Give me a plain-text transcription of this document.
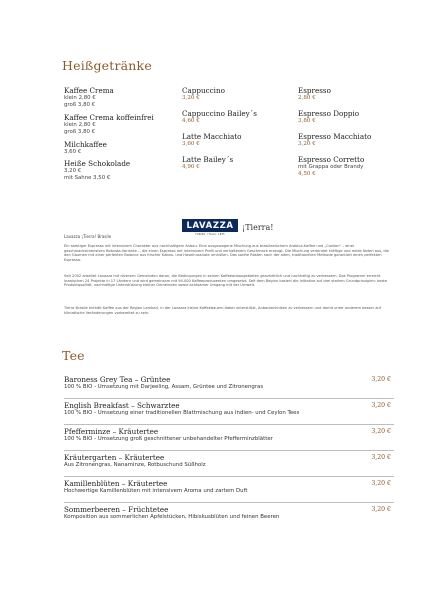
Heißgetränke
Kaffee Crema
klein 2,80 €
groß 3,80 €
Kaffee Crema koffeinfrei
klein 2,80 €
groß 3,80 €
Milchkaffee
3,60 €
Heiße Schokolade
3,20 €
mit Sahne 3,50 €
Cappuccino
3,20 €
Cappuccino Bailey´s
4,60 €
Latte Macchiato
3,60 €
Latte Bailey´s
4,90 €
Espresso
2,80 €
Espresso Doppio
3,80 €
Espresso Macchiato
3,20 €
Espresso Corretto
mit Grappa oder Brandy
4,50 €
Lavazza ¡Tierra! Brasile
LAVAZZA
TORINO, ITALIA, 1895
¡Tierra!
Ein samtiger Espresso mit intensivem Charakter aus nachhaltigem Anbau. Eine ausgewogene Mischung aus brasilianischem Arabica-Kaffee und „Conilon“ – einer geschmacksintensiven Robusta-Variante –, die einen Espresso mit intensivem Profil und verhaltenem Geschmack erzeugt. Die Mischung verbindet kräftige und milde Noten aus, die den Gaumen mit einer perfekten Balance aus frischer Kakao- und Haselnussnote umhüllen. Das sanfte Rösten nach der alten, traditionellen Methode garantiert einen perfekten Espresso.
Seit 2002 arbeitet Lavazza mit diversen Gemeinden daran, die Bedingungen in seinen Kaffeeanbaugebieten ganzheitlich und nachhaltig zu verbessern. Das Programm erreicht inzwischen 24 Projekte in 17 Ländern und wird gemeinsam mit 94.000 Kaffeeproduzenten umgesetzt. Seit dem Beginn basiert die Initiative auf drei starken Grundprinzipien: beste Produktqualität, nachhaltige Unterstützung kleiner Gemeinden sowie achtsamer Umgang mit der Umwelt.
Tierra Brasile enthält Kaffee aus der Region Lambari, in der Lavazza kleine Kaffeebauern dabei unterstützt, Anbautechniken zu verbessern und damit unter anderem besser auf klimatische Veränderungen vorbereitet zu sein.
Tee
Baroness Grey Tea – Grüntee
100 % BIO - Umsetzung mit Darjeeling, Assam, Grüntee und Zitronengras
3,20 €
English Breakfast – Schwarztee
100 % BIO - Umsetzung einer traditionellen Blattmischung aus Indien- und Ceylon Tees
3,20 €
Pfefferminze – Kräutertee
100 % BIO - Umsetzung groß geschnittener unbehandelter Pfefferminzblätter
3,20 €
Kräutergarten – Kräutertee
Aus Zitronengras, Nanaminze, Rotbuschund Süßholz
3,20 €
Kamillenblüten – Kräutertee
Hochwertige Kamillenblüten mit intensivem Aroma und zartem Duft
3,20 €
Sommerbeeren – Früchtetee
Komposition aus sommerlichen Apfelstücken, Hibiskusblüten und feinen Beeren
3,20 €
